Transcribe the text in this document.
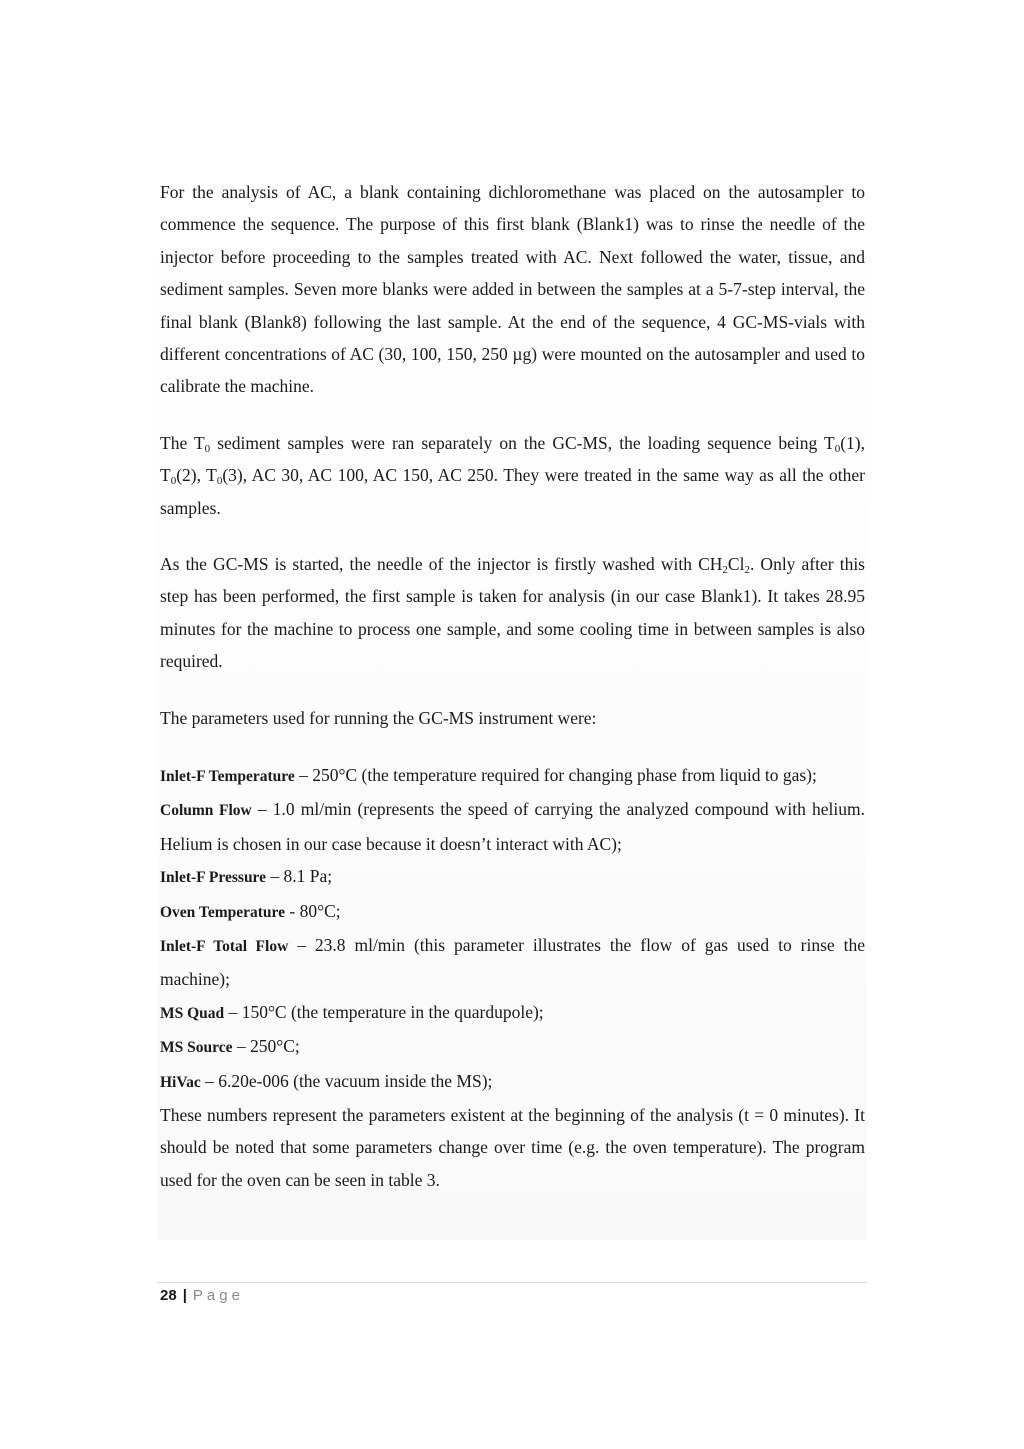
For the analysis of AC, a blank containing dichloromethane was placed on the autosampler to commence the sequence. The purpose of this first blank (Blank1) was to rinse the needle of the injector before proceeding to the samples treated with AC. Next followed the water, tissue, and sediment samples. Seven more blanks were added in between the samples at a 5-7-step interval, the final blank (Blank8) following the last sample. At the end of the sequence, 4 GC-MS-vials with different concentrations of AC (30, 100, 150, 250 µg) were mounted on the autosampler and used to calibrate the machine.

The $T_0$ sediment samples were ran separately on the GC-MS, the loading sequence being $T_0(1)$, $T_0(2)$, $T_0(3)$, AC 30, AC 100, AC 150, AC 250. They were treated in the same way as all the other samples.

As the GC-MS is started, the needle of the injector is firstly washed with $CH_2Cl_2$. Only after this step has been performed, the first sample is taken for analysis (in our case Blank1). It takes 28.95 minutes for the machine to process one sample, and some cooling time in between samples is also required.

The parameters used for running the GC-MS instrument were:

Inlet-F Temperature – 250°C (the temperature required for changing phase from liquid to gas);

Column Flow – 1.0 ml/min (represents the speed of carrying the analyzed compound with helium. Helium is chosen in our case because it doesn’t interact with AC);

Inlet-F Pressure – 8.1 Pa;

Oven Temperature - 80°C;

Inlet-F Total Flow – 23.8 ml/min (this parameter illustrates the flow of gas used to rinse the machine);

MS Quad – 150°C (the temperature in the quardupole);

MS Source – 250°C;

HiVac – 6.20e-006 (the vacuum inside the MS);

These numbers represent the parameters existent at the beginning of the analysis (t = 0 minutes). It should be noted that some parameters change over time (e.g. the oven temperature). The program used for the oven can be seen in table 3.

28 | Page
